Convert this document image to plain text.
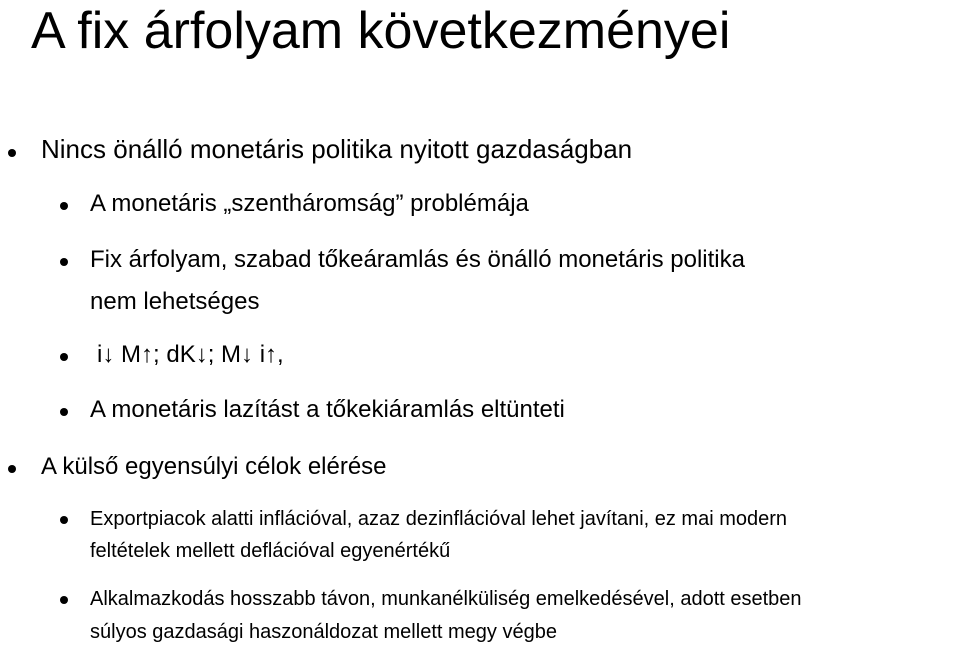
A fix árfolyam következményei
Nincs önálló monetáris politika nyitott gazdaságban
A monetáris „szentháromság” problémája
Fix árfolyam, szabad tőkeáramlás és önálló monetáris politika
nem lehetséges
i↓ M↑; dK↓; M↓ i↑,
A monetáris lazítást a tőkekiáramlás eltünteti
A külső egyensúlyi célok elérése
Exportpiacok alatti inflációval, azaz dezinflációval lehet javítani, ez mai modern
feltételek mellett deflációval egyenértékű
Alkalmazkodás hosszabb távon, munkanélküliség emelkedésével, adott esetben
súlyos gazdasági haszonáldozat mellett megy végbe
